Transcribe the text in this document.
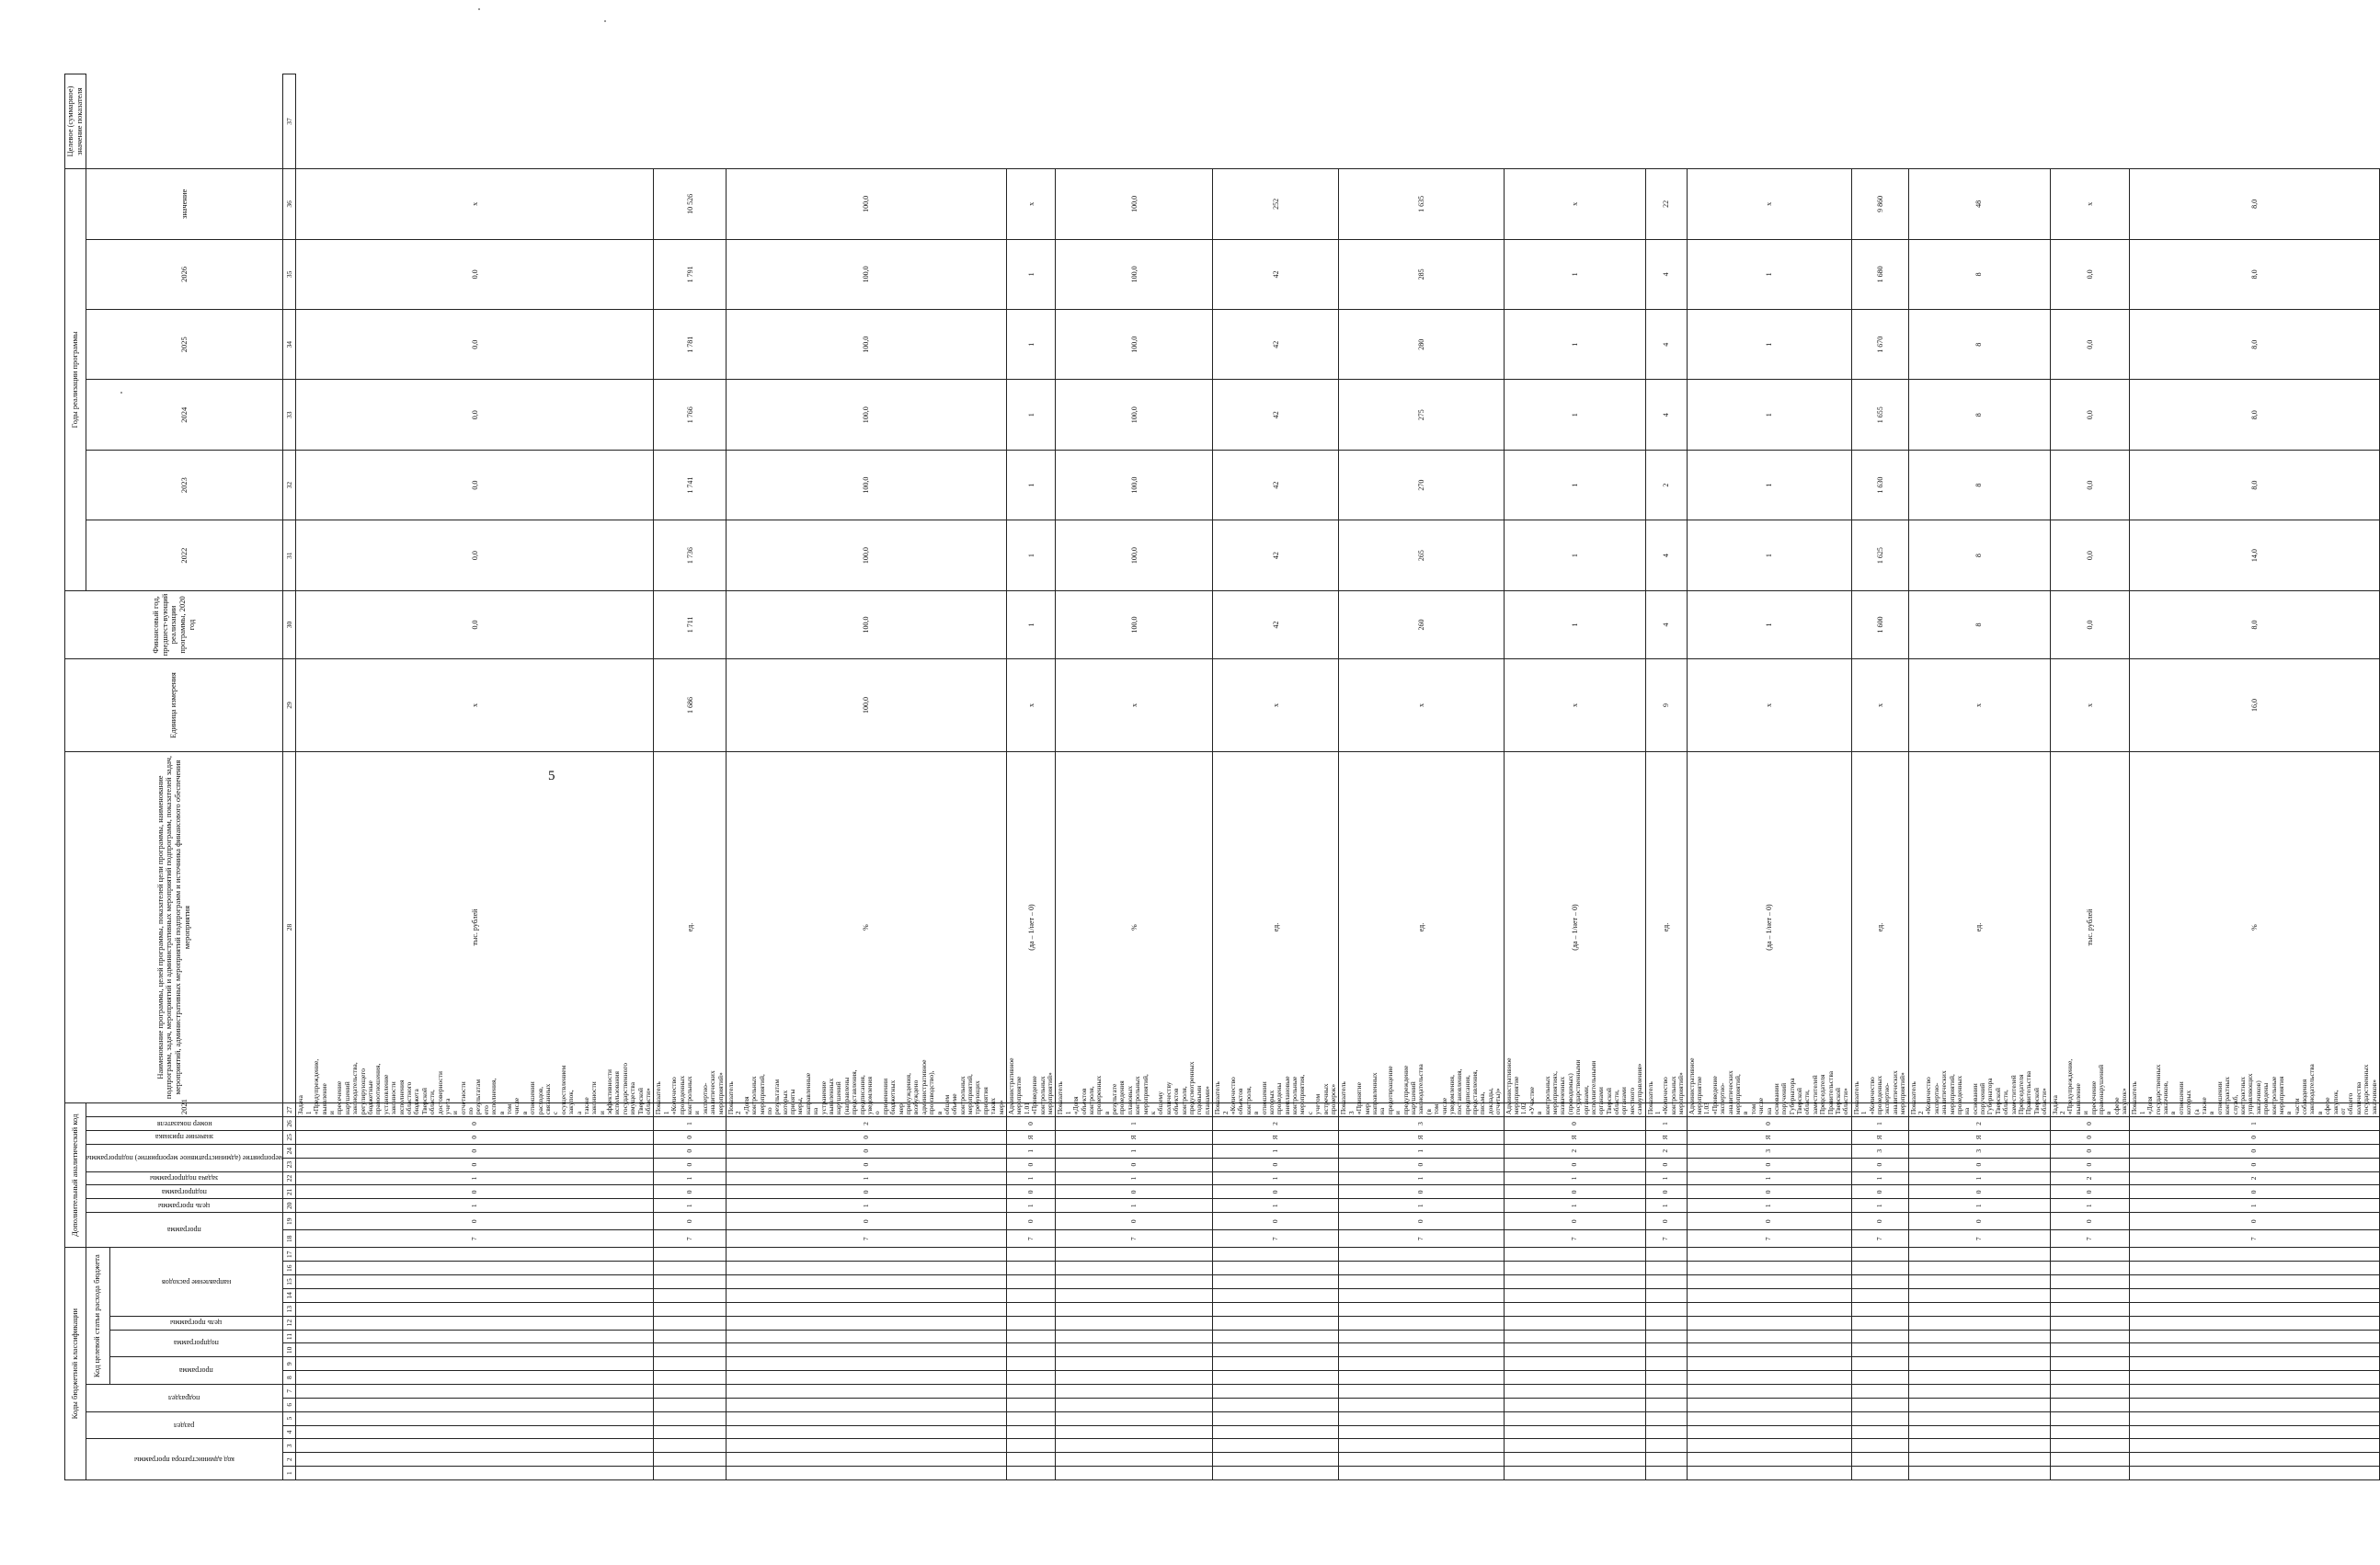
5
Коды бюджетной классификации																	Дополнительный аналитический код										Наименование программы, целей программы, показателей цели программы, наименование подпрограмм, задач, мероприятий и административных мероприятий подпрограмм, показателей задач, мероприятий, административных мероприятий подпрограмм и источника финансового обеспечения мероприятия	Единица измерения	Финансовый год, предшест-вующий реализации программы, 2020 год	Годы реализации программы						Целевое (суммарное) значение показателя

код администратора программы			раздел		подраздел		Код целевой статьи расхода бюджета										программа		цель программы	подпрограмма	задача подпрограммы	мероприятие (административное мероприятие) подпрограммы		значение признака	номер показателя	2021				2022	2023	2024	2025	2026	значение	

							программа		подпрограмма		цель программы	направление расходов																								

1	2	3	4	5	6	7	8	9	10	11	12	13	14	15	16	17	18	19	20	21	22	23	24	25	26	27	28	29	30	31	32	33	34	35	36	37
																	7	0	1	0	1	0	0	0	0	Задача 1 «Предупреждение, выявление и пресечение нарушений законодательства, регулирующего бюджетные правоотношения, установление законности исполнения областного бюджета Тверской области, достоверности учета и отчетности по результатам его исполнения, в том числе в отношении расходов, связанных с осуществлением закупок, а также законности и эффективности использования государственного имущества Тверской области»	тыс. рублей	х	0,0	0,0	0,0	0,0	0,0	0,0	х	
																	7	0	1	0	1	0	0	0	1	Показатель 1 «Количество проведенных контрольных и экспертно-аналитических мероприятий»	ед.	1 686	1 711	1 736	1 741	1 766	1 781	1 791	10 526	
																	7	0	1	0	1	0	0	0	2	Показатель 2 «Доля контрольных мероприятий, по результатам которых приняты меры, направленные на устранение выявленных нарушений (направлены представления, предписания, уведомления о применении бюджетных мер принуждения, возбуждено административное производство), в общем объеме контрольных мероприятий, требующих принятия таких мер»	%	100,0	100,0	100,0	100,0	100,0	100,0	100,0	100,0	
																	7	0	1	0	1	0	1	Я	0	Административное мероприятие 1.01 «Проведение контрольных мероприятий»	(да – 1/нет – 0)	х	1	1	1	1	1	1	х	
																	7	0	1	0	1	0	1	Я	1	Показатель 1 «Доля объектов контроля, проверенных в результате проведения плановых контрольных мероприятий, к общему количеству объектов контроля, предусмотренных годовыми планами»	%	х	100,0	100,0	100,0	100,0	100,0	100,0	100,0	
																	7	0	1	0	1	0	1	Я	2	Показатель 2 «Количество объектов контроля, в отношении которых проведены внеплановые контрольные мероприятия, с учетом встречных проверок»	ед.	х	42	42	42	42	42	42	252	
																	7	0	1	0	1	0	1	Я	3	Показатель 3 «Принятие мер, направленных на предотвращение и предупреждение нарушений законодательства (в том числе уведомления, постановления, предписания, представления, письма, доклады, отчеты)»	ед.	х	260	265	270	275	280	285	1 635	
																	7	0	1	0	1	0	2	Я	0	Административное мероприятие 1.02 «Участие в контрольных мероприятиях, назначенных (проводимых) государственными органами, исполнительными органами Тверской области, органами местного самоуправления»	(да – 1/нет – 0)	х	1	1	1	1	1	1	х	
																	7	0	1	0	1	0	2	Я	1	Показатель 1 «Количество контрольных мероприятий»	ед.	9	4	4	2	4	4	4	22	
																	7	0	1	0	1	0	3	Я	0	Административное мероприятие 1.03 «Проведение экспертно-аналитических мероприятий, в том числе на основании поручений Губернатора Тверской области, заместителей Председателя Правительства Тверской области»	(да – 1/нет – 0)	х	1	1	1	1	1	1	х	
																	7	0	1	0	1	0	3	Я	1	Показатель 1 «Количество проведенных экспертно-аналитических мероприятий»	ед.	х	1 600	1 625	1 630	1 655	1 670	1 680	9 860	
																	7	0	1	0	1	0	3	Я	2	Показатель 2 «Количество экспертно-аналитических мероприятий, проведенных на основании поручений Губернатора Тверской области, заместителей Председателя Правительства Тверской области»	ед.	х	8	8	8	8	8	8	48	
																	7	0	1	0	2	0	0	0	0	Задача 2 «Предупреждение, выявление и пресечение правонарушений в сфере закупок»	тыс. рублей	х	0,0	0,0	0,0	0,0	0,0	0,0	х	
																	7	0	1	0	2	0	0	0	1	Показатель 1 «Доля государственных заказчиков, в отношении которых (а также в отношении контрактных служб, контрактных управляющих заказчиков) проведены контрольные мероприятия в части соблюдения законодательства в сфере закупок, от общего количества государственных заказчиков»	%	16,0	8,0	14,0	8,0	8,0	8,0	8,0	8,0	
